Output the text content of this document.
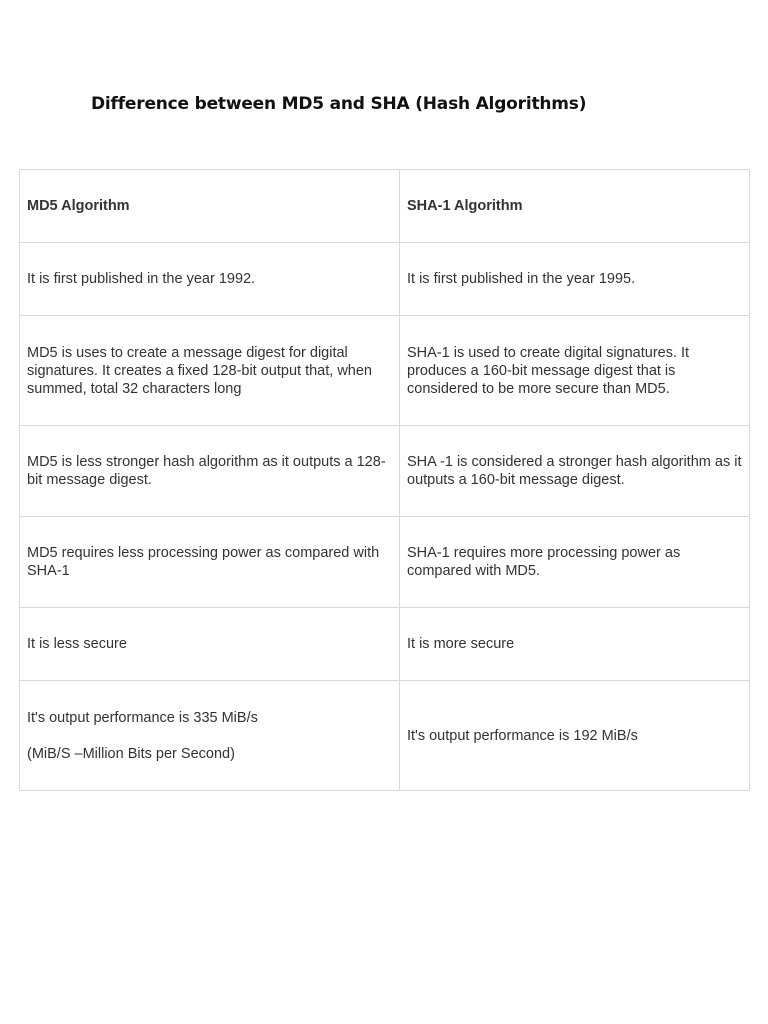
Difference between MD5 and SHA (Hash Algorithms)
MD5 Algorithm	SHA-1 Algorithm
It is first published in the year 1992.	It is first published in the year 1995.

MD5 is uses to create a message digest for digital signatures. It creates a fixed 128-bit output that, when summed, total 32 characters long	SHA-1 is used to create digital signatures. It produces a 160-bit message digest that is considered to be more secure than MD5.

MD5 is less stronger hash algorithm as it outputs a 128-bit message digest.	SHA -1 is considered a stronger hash algorithm as it outputs a 160-bit message digest.
MD5 requires less processing power as compared with SHA-1	SHA-1 requires more processing power as compared with MD5.
It is less secure	It is more secure
It's output performance is 335 MiB/s
(MiB/S –Million Bits per Second)	It's output performance is 192 MiB/s
